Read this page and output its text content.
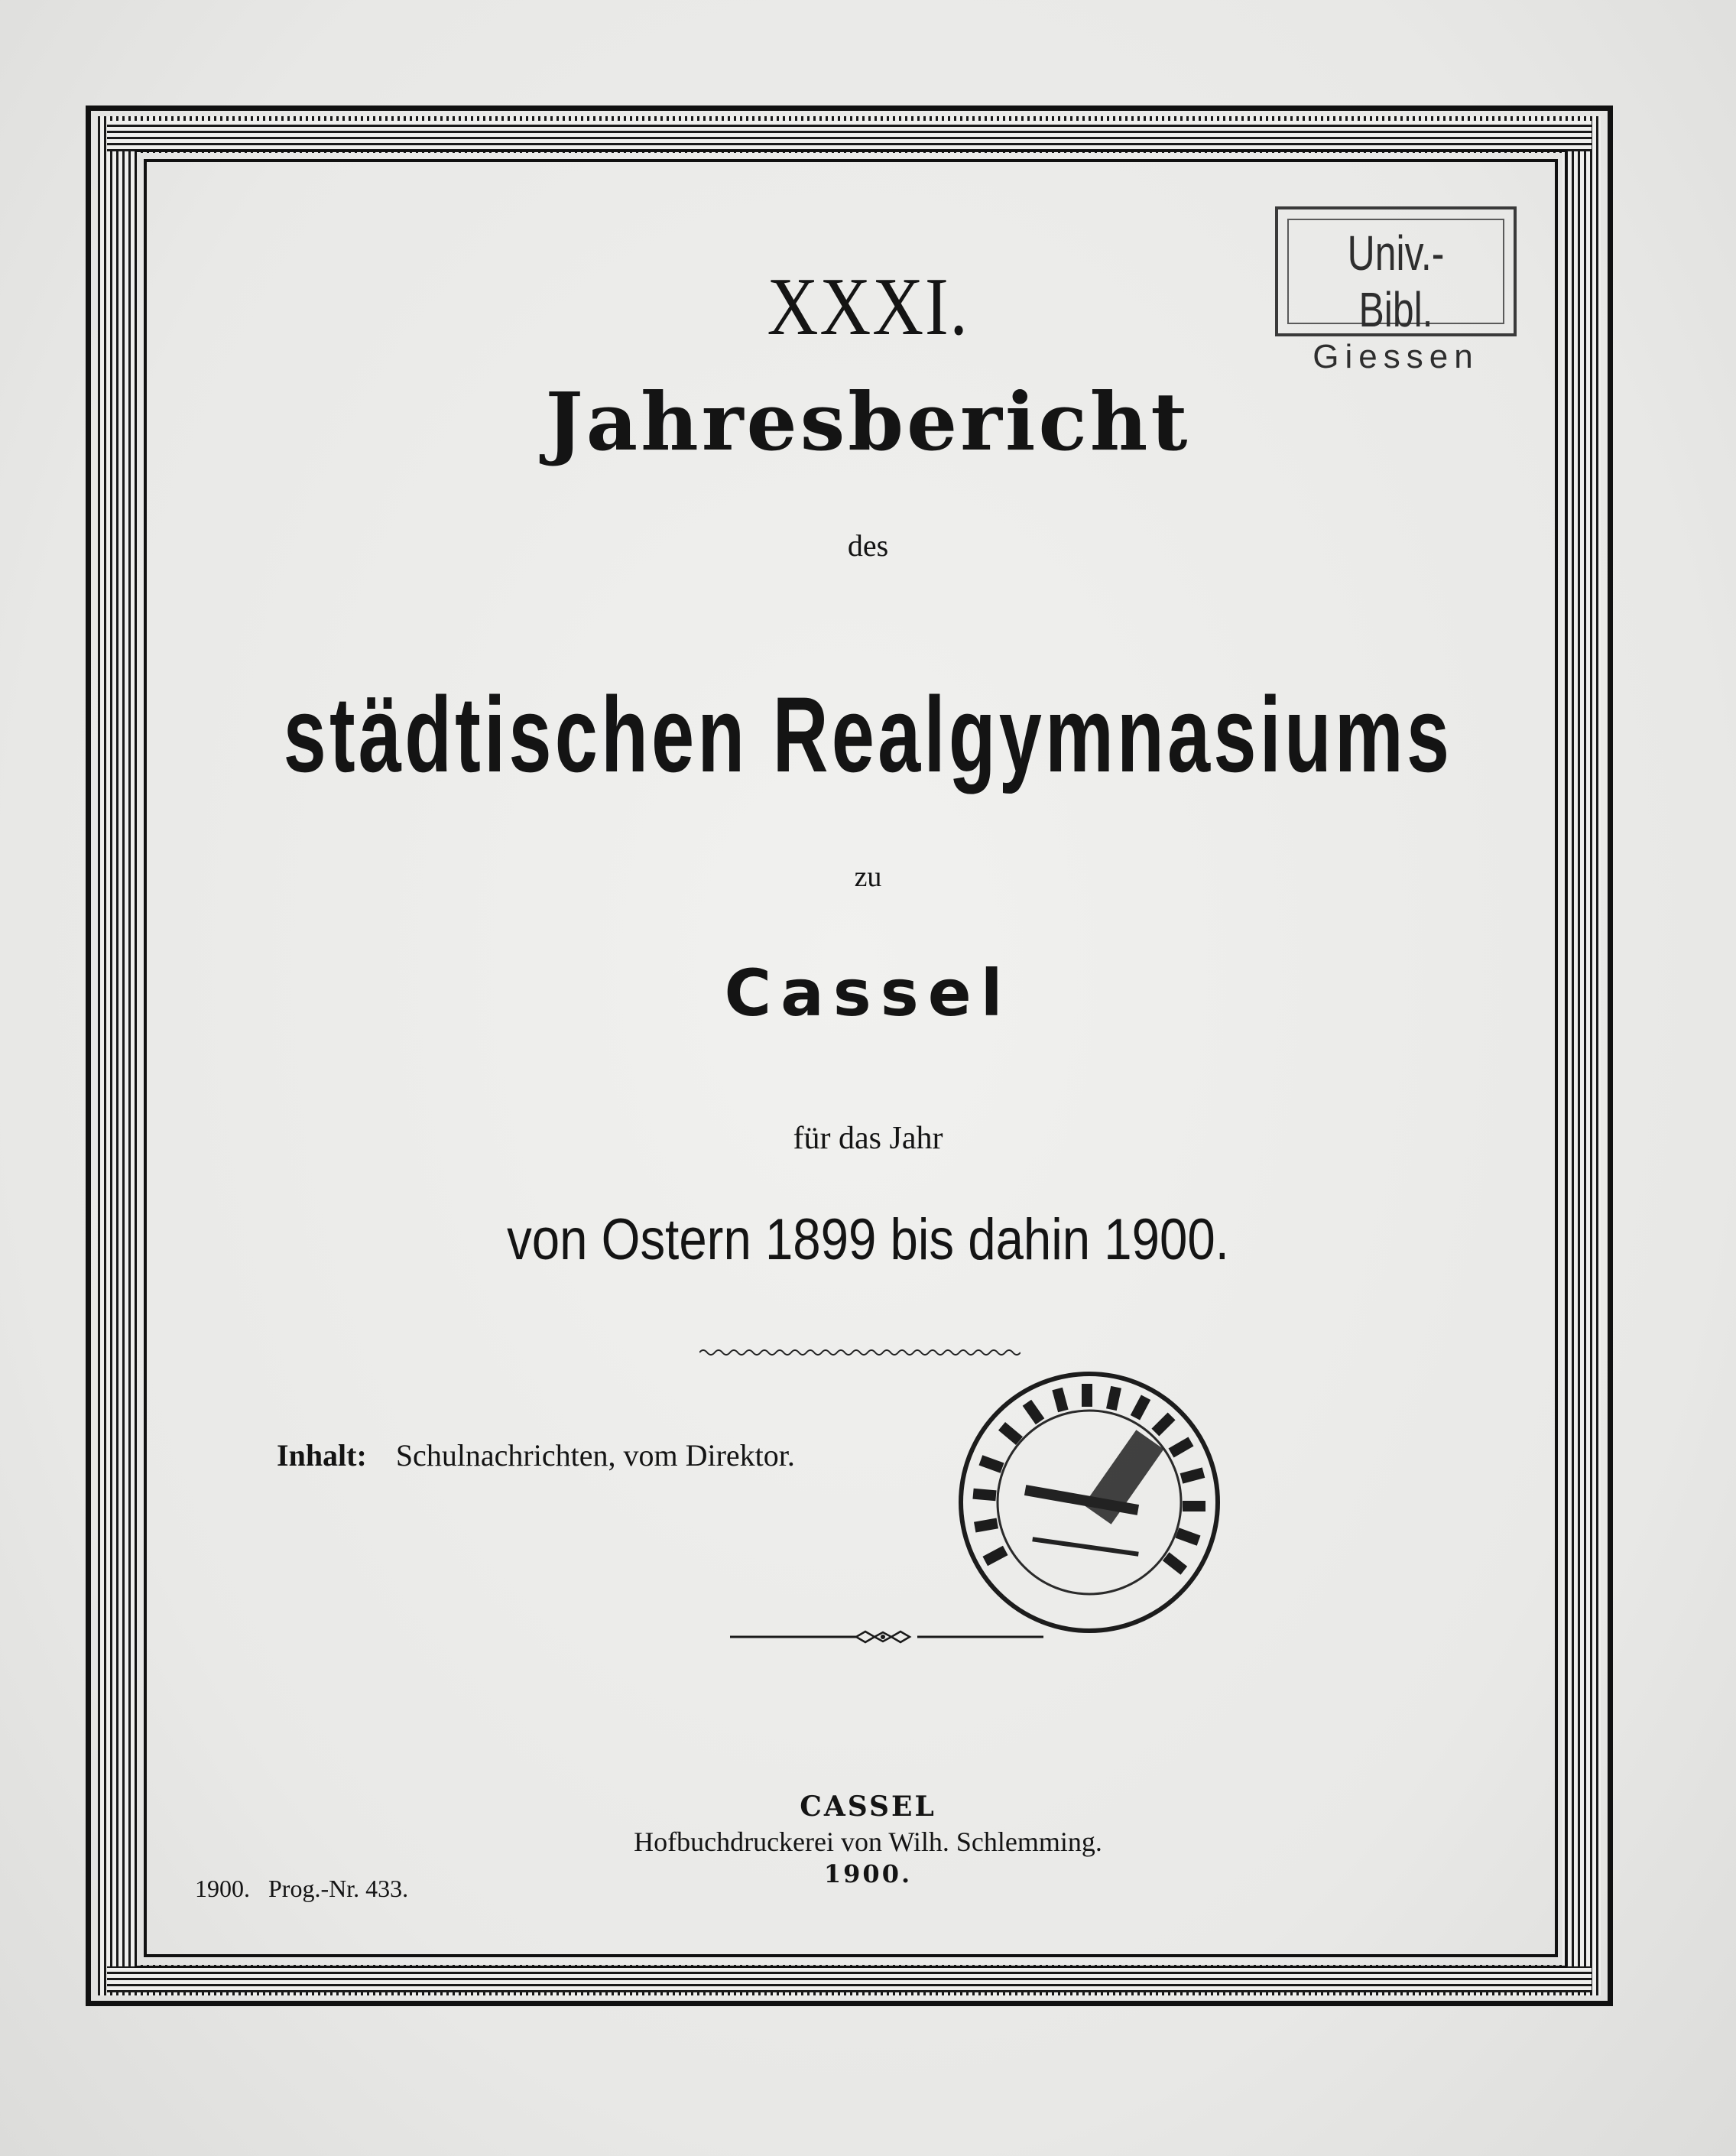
Univ.-Bibl.
Giessen
XXXI.
Jahresbericht
des
städtischen Realgymnasiums
zu
Cassel
für das Jahr
von Ostern 1899 bis dahin 1900.
Inhalt: Schulnachrichten, vom Direktor.
CASSEL
Hofbuchdruckerei von Wilh. Schlemming.
1900.
1900.   Prog.-Nr. 433.
